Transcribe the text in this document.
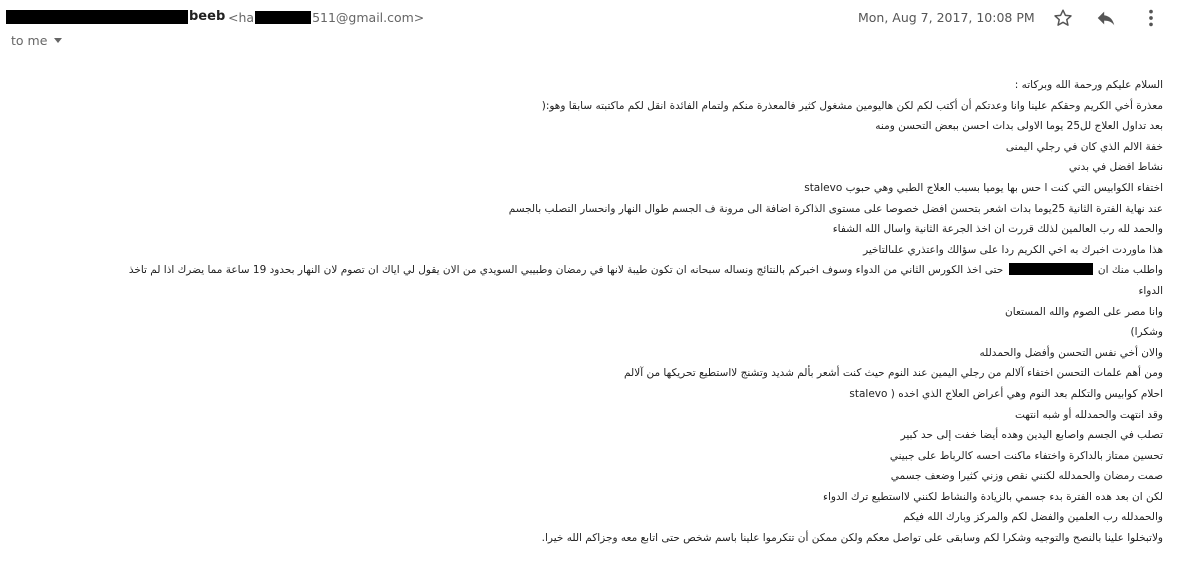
beeb <ha	511@gmail.com>	Mon, Aug 7, 2017, 10:08 PM
to me
السلام عليكم ورحمة الله وبركاته :
معذرة أخي الكريم وحقكم علينا وانا وعدتكم أن أكتب لكم لكن هاليومين مشغول كثير فالمعذرة منكم ولتمام الفائدة انقل لكم ماكتبته سابقا وهو:(
بعد تداول العلاج لل25 يوما الاولى بدات احسن ببعض التحسن ومنه
خفة الالم الذي كان في رجلي اليمنى
نشاط افضل في بدني
اختفاء الكوابيس التي كنت ا حس بها يوميا بسبب العلاج الطبي وهي حبوب stalevo
عند نهاية الفترة الثانية 25يوما بدات اشعر بتحسن افضل خصوصا على مستوى الذاكرة اضافة الى مرونة ف الجسم طوال النهار وانحسار التصلب بالجسم
والحمد لله رب العالمين لذلك قررت ان اخذ الجرعة الثانية واسال الله الشفاء
هذا ماوردت اخبرك به اخي الكريم ردا على سؤالك واعتذري علىالتاخير
واطلب منك ان  حتى اخذ الكورس الثاني من الدواء وسوف اخبركم بالنتائج ونساله سبحانه ان تكون طيبة لانها في رمضان وطبيبي السويدي من الان يقول لي اياك ان تصوم لان النهار بحدود 19 ساعة مما يضرك اذا لم تاخذ
الدواء
وانا مصر على الصوم والله المستعان
وشكرا)
والان أخي نفس التحسن وأفضل والحمدلله
ومن أهم علمات التحسن اختفاء آلالم من رجلي اليمين عند النوم حيث كنت أشعر بألم شديد وتشنج لااستطيع تحريكها من آلالم
احلام كوابيس والتكلم بعد النوم وهي أعراض العلاج الذي اخده ( stalevo
وقد انتهت والحمدلله أو شبه انتهت
تصلب في الجسم واصابع اليدين وهده أيضا خفت إلى حد كبير
تحسين ممتاز بالداكرة واختفاء ماكنت احسه كالرباط على جبيني
صمت رمضان والحمدلله لكنني نقص وزني كثيرا وضعف جسمي
لكن ان بعد هده الفترة بدء جسمي بالزيادة والنشاط لكنني لااستطيع ترك الدواء
والحمدلله رب العلمين والفضل لكم والمركز وبارك الله فيكم
ولاتبخلوا علينا بالنصح والتوجيه وشكرا لكم وسابقى على تواصل معكم ولكن ممكن أن تتكرموا علينا باسم شخص حتى اتابع معه وجزاكم الله خيرا.
